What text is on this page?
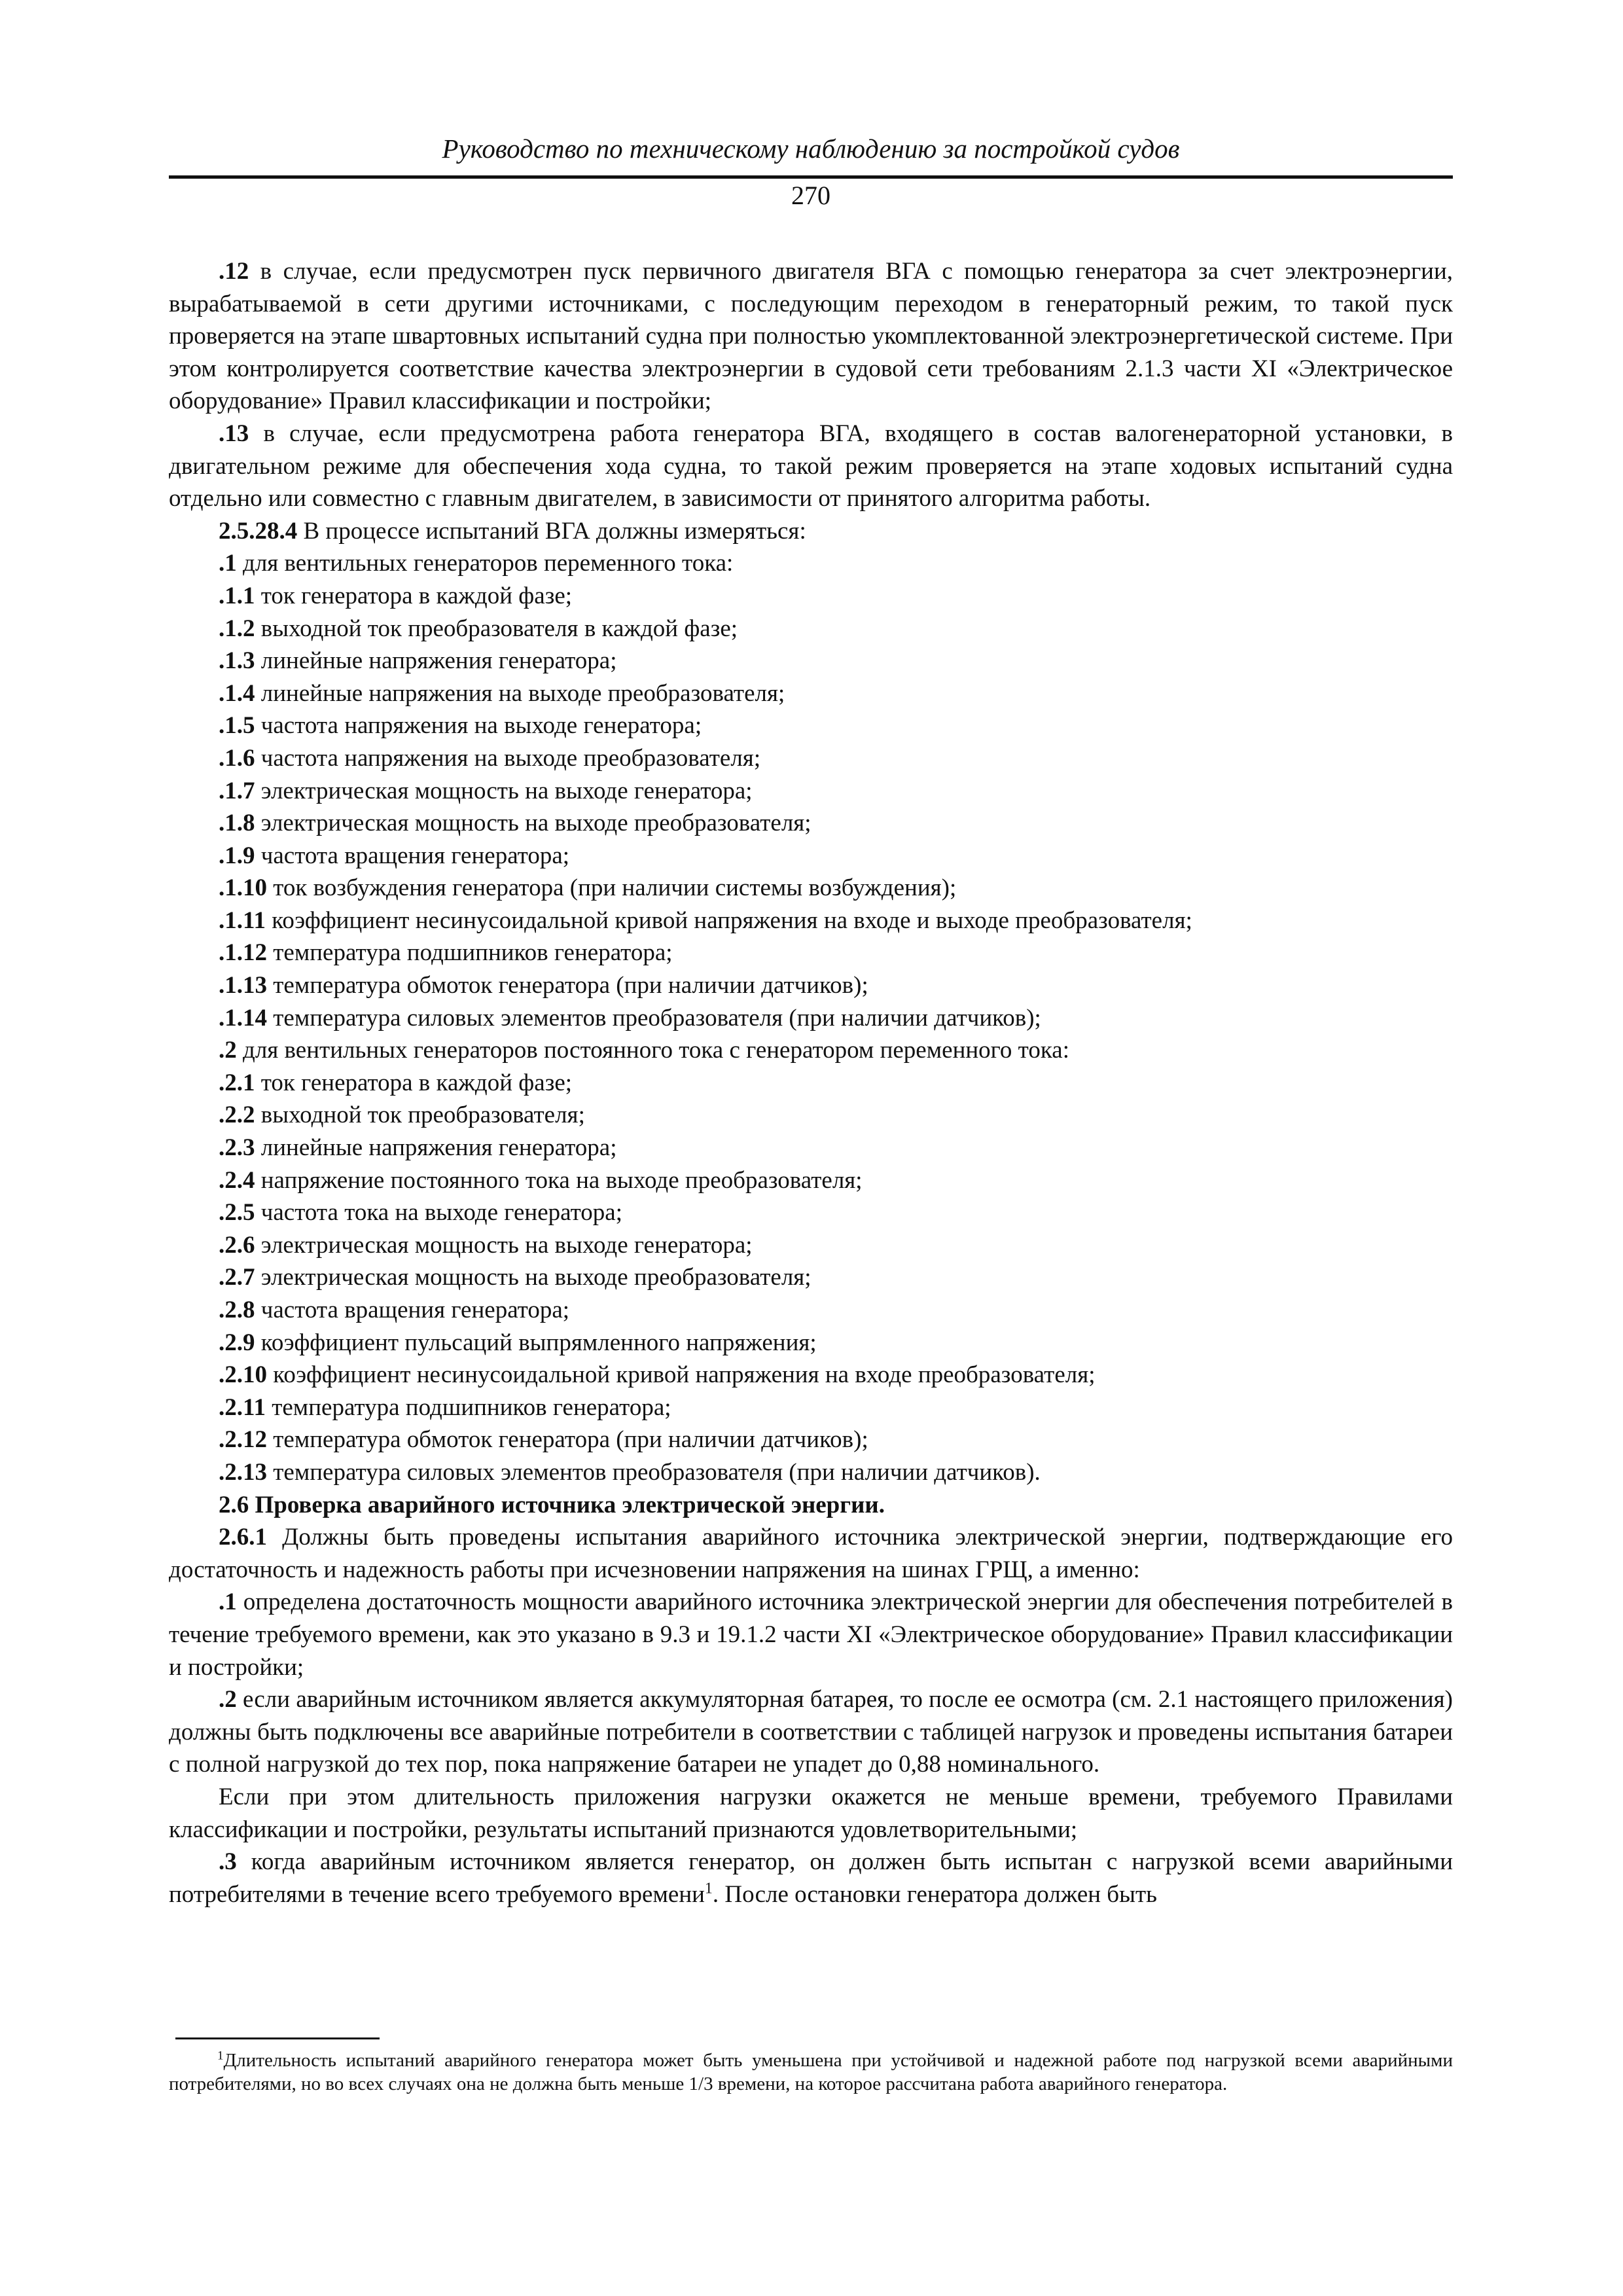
Руководство по техническому наблюдению за постройкой судов
270

.12 в случае, если предусмотрен пуск первичного двигателя ВГА с помощью генератора за счет электроэнергии, вырабатываемой в сети другими источниками, с последующим переходом в генераторный режим, то такой пуск проверяется на этапе швартовных испытаний судна при полностью укомплектованной электроэнергетической системе. При этом контролируется соответствие качества электроэнергии в судовой сети требованиям 2.1.3 части XI «Электрическое оборудование» Правил классификации и постройки;

.13 в случае, если предусмотрена работа генератора ВГА, входящего в состав валогенераторной установки, в двигательном режиме для обеспечения хода судна, то такой режим проверяется на этапе ходовых испытаний судна отдельно или совместно с главным двигателем, в зависимости от принятого алгоритма работы.

2.5.28.4 В процессе испытаний ВГА должны измеряться:

.1 для вентильных генераторов переменного тока:

.1.1 ток генератора в каждой фазе;

.1.2 выходной ток преобразователя в каждой фазе;

.1.3 линейные напряжения генератора;

.1.4 линейные напряжения на выходе преобразователя;

.1.5 частота напряжения на выходе генератора;

.1.6 частота напряжения на выходе преобразователя;

.1.7 электрическая мощность на выходе генератора;

.1.8 электрическая мощность на выходе преобразователя;

.1.9 частота вращения генератора;

.1.10 ток возбуждения генератора (при наличии системы возбуждения);

.1.11 коэффициент несинусоидальной кривой напряжения на входе и выходе преобразователя;

.1.12 температура подшипников генератора;

.1.13 температура обмоток генератора (при наличии датчиков);

.1.14 температура силовых элементов преобразователя (при наличии датчиков);

.2 для вентильных генераторов постоянного тока с генератором переменного тока:

.2.1 ток генератора в каждой фазе;

.2.2 выходной ток преобразователя;

.2.3 линейные напряжения генератора;

.2.4 напряжение постоянного тока на выходе преобразователя;

.2.5 частота тока на выходе генератора;

.2.6 электрическая мощность на выходе генератора;

.2.7 электрическая мощность на выходе преобразователя;

.2.8 частота вращения генератора;

.2.9 коэффициент пульсаций выпрямленного напряжения;

.2.10 коэффициент несинусоидальной кривой напряжения на входе преобразователя;

.2.11 температура подшипников генератора;

.2.12 температура обмоток генератора (при наличии датчиков);

.2.13 температура силовых элементов преобразователя (при наличии датчиков).

2.6 Проверка аварийного источника электрической энергии.

2.6.1 Должны быть проведены испытания аварийного источника электрической энергии, подтверждающие его достаточность и надежность работы при исчезновении напряжения на шинах ГРЩ, а именно:

.1 определена достаточность мощности аварийного источника электрической энергии для обеспечения потребителей в течение требуемого времени, как это указано в 9.3 и 19.1.2 части XI «Электрическое оборудование» Правил классификации и постройки;

.2 если аварийным источником является аккумуляторная батарея, то после ее осмотра (см. 2.1 настоящего приложения) должны быть подключены все аварийные потребители в соответствии с таблицей нагрузок и проведены испытания батареи с полной нагрузкой до тех пор, пока напряжение батареи не упадет до 0,88 номинального.

Если при этом длительность приложения нагрузки окажется не меньше времени, требуемого Правилами классификации и постройки, результаты испытаний признаются удовлетворительными;

.3 когда аварийным источником является генератор, он должен быть испытан с нагрузкой всеми аварийными потребителями в течение всего требуемого времени$^1$. После остановки генератора должен быть

$^1$Длительность испытаний аварийного генератора может быть уменьшена при устойчивой и надежной работе под нагрузкой всеми аварийными потребителями, но во всех случаях она не должна быть меньше 1/3 времени, на которое рассчитана работа аварийного генератора.
